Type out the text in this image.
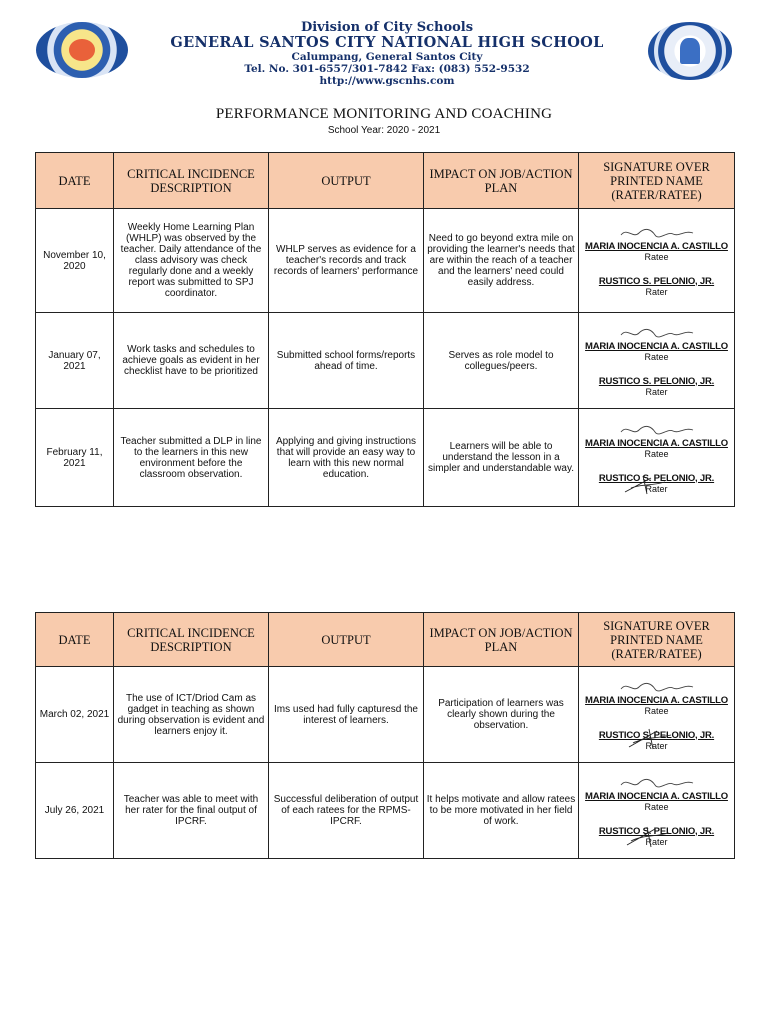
Division of City Schools
GENERAL SANTOS CITY NATIONAL HIGH SCHOOL
Calumpang, General Santos City
Tel. No. 301-6557/301-7842 Fax: (083) 552-9532
http://www.gscnhs.com
PERFORMANCE MONITORING AND COACHING
School Year: 2020 - 2021
DATE	CRITICAL INCIDENCE DESCRIPTION	OUTPUT	IMPACT ON JOB/ACTION PLAN	SIGNATURE OVER PRINTED NAME (RATER/RATEE)
November 10, 2020	Weekly Home Learning Plan (WHLP) was observed by the teacher. Daily attendance of the class advisory was check regularly done and a weekly report was submitted to SPJ coordinator.	WHLP serves as evidence for a teacher's records and track records of learners' performance	Need to go beyond extra mile on providing the learner's needs that are within the reach of a teacher and the learners' need could easily address.	MARIA INOCENCIA A. CASTILLO
Ratee
RUSTICO S. PELONIO, JR.
Rater

January 07, 2021	Work tasks and schedules to achieve goals as evident in her checklist have to be prioritized	Submitted school forms/reports ahead of time.	Serves as role model to collegues/peers.	MARIA INOCENCIA A. CASTILLO
Ratee
RUSTICO S. PELONIO, JR.
Rater

February 11, 2021	Teacher submitted a DLP in line to the learners in this new environment before the classroom observation.	Applying and giving instructions that will provide an easy way to learn with this new normal education.	Learners will be able to understand the lesson in a simpler and understandable way.	MARIA INOCENCIA A. CASTILLO
Ratee
RUSTICO S. PELONIO, JR.
Rater
DATE	CRITICAL INCIDENCE DESCRIPTION	OUTPUT	IMPACT ON JOB/ACTION PLAN	SIGNATURE OVER PRINTED NAME (RATER/RATEE)
March 02, 2021	The use of ICT/Driod Cam as gadget in teaching as shown during observation is evident and learners enjoy it.	Ims used had fully capturesd the interest of learners.	Participation of learners was clearly shown during the observation.	MARIA INOCENCIA A. CASTILLO
Ratee
RUSTICO S. PELONIO, JR.
Rater

July 26, 2021	Teacher was able to meet with her rater for the final output of IPCRF.	Successful deliberation of output of each ratees for the RPMS-IPCRF.	It helps motivate and allow ratees to be more motivated in her field of work.	MARIA INOCENCIA A. CASTILLO
Ratee
RUSTICO S. PELONIO, JR.
Rater
